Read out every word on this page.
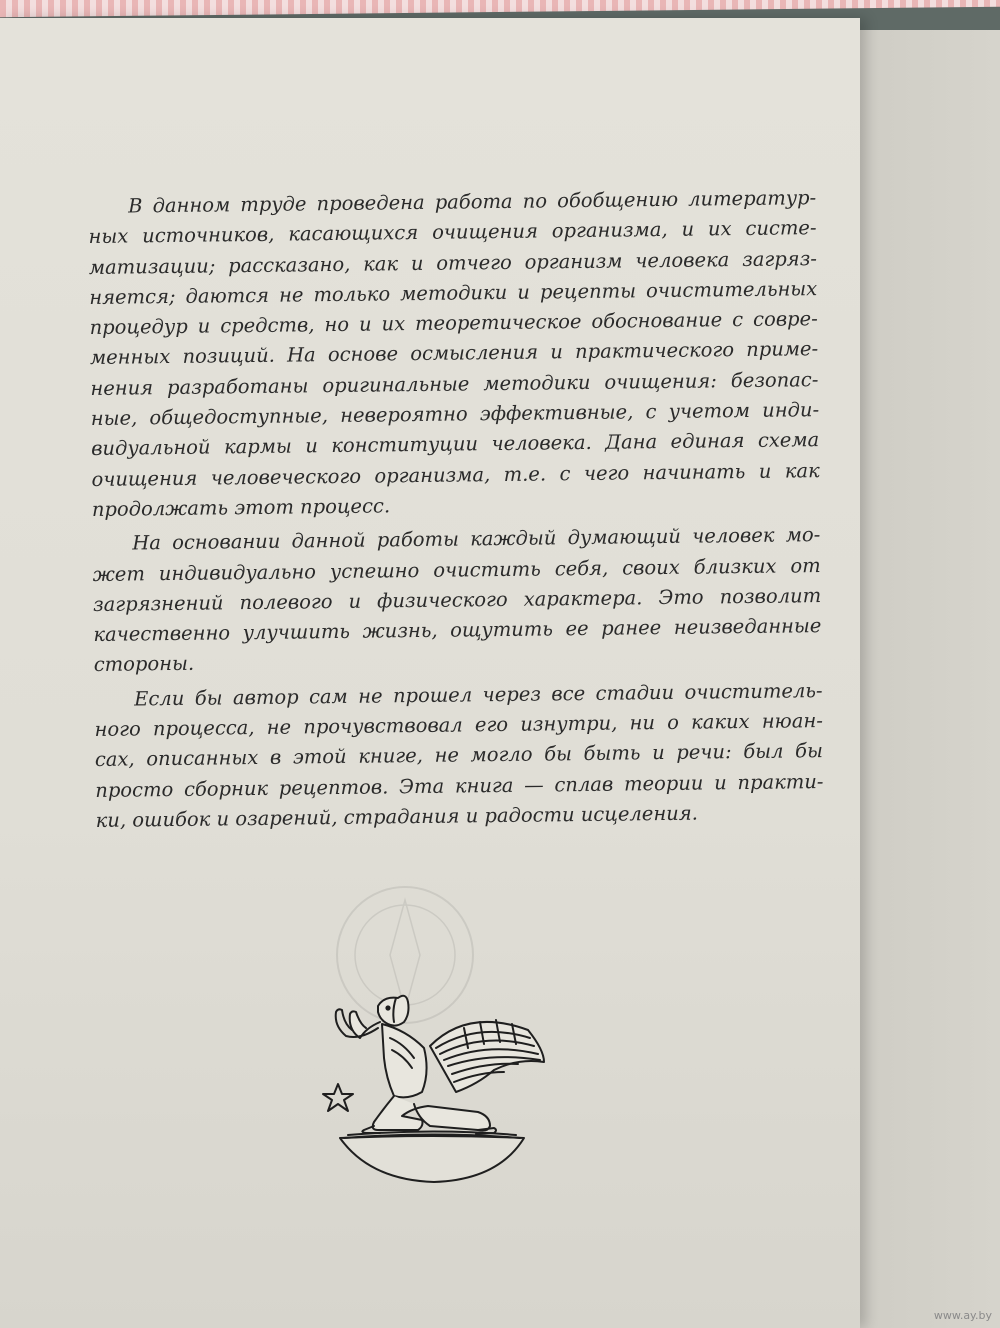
В данном труде проведена работа по обобщению литератур-
ных источников, касающихся очищения организма, и их систе-
матизации; рассказано, как и отчего организм человека загряз-
няется; даются не только методики и рецепты очистительных
процедур и средств, но и их теоретическое обоснование с совре-
менных позиций. На основе осмысления и практического приме-
нения разработаны оригинальные методики очищения: безопас-
ные, общедоступные, невероятно эффективные, с учетом инди-
видуальной кармы и конституции человека. Дана единая схема
очищения человеческого организма, т.е. с чего начинать и как
продолжать этот процесс.
На основании данной работы каждый думающий человек мо-
жет индивидуально успешно очистить себя, своих близких от
загрязнений полевого и физического характера. Это позволит
качественно улучшить жизнь, ощутить ее ранее неизведанные
стороны.
Если бы автор сам не прошел через все стадии очиститель-
ного процесса, не прочувствовал его изнутри, ни о каких нюан-
сах, описанных в этой книге, не могло бы быть и речи: был бы
просто сборник рецептов. Эта книга — сплав теории и практи-
ки, ошибок и озарений, страдания и радости исцеления.
www.ay.by
